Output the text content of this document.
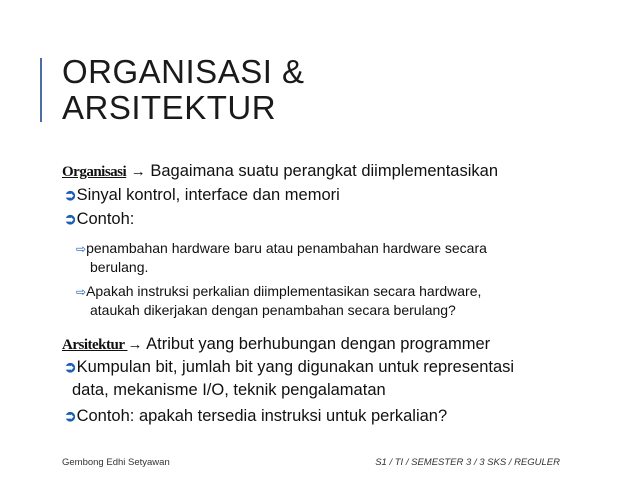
ORGANISASI &
ARSITEKTUR
Organisasi → Bagaimana suatu perangkat diimplementasikan
➲Sinyal kontrol, interface dan memori
➲Contoh:
⇨penambahan hardware baru atau penambahan hardware secara
berulang.
⇨Apakah instruksi perkalian diimplementasikan secara hardware,
ataukah dikerjakan dengan penambahan secara berulang?
Arsitektur → Atribut yang berhubungan dengan programmer
➲Kumpulan bit, jumlah bit yang digunakan untuk representasi
data, mekanisme I/O, teknik pengalamatan
➲Contoh: apakah tersedia instruksi untuk perkalian?
Gembong Edhi Setyawan	S1 / TI / SEMESTER 3 / 3 SKS / REGULER
